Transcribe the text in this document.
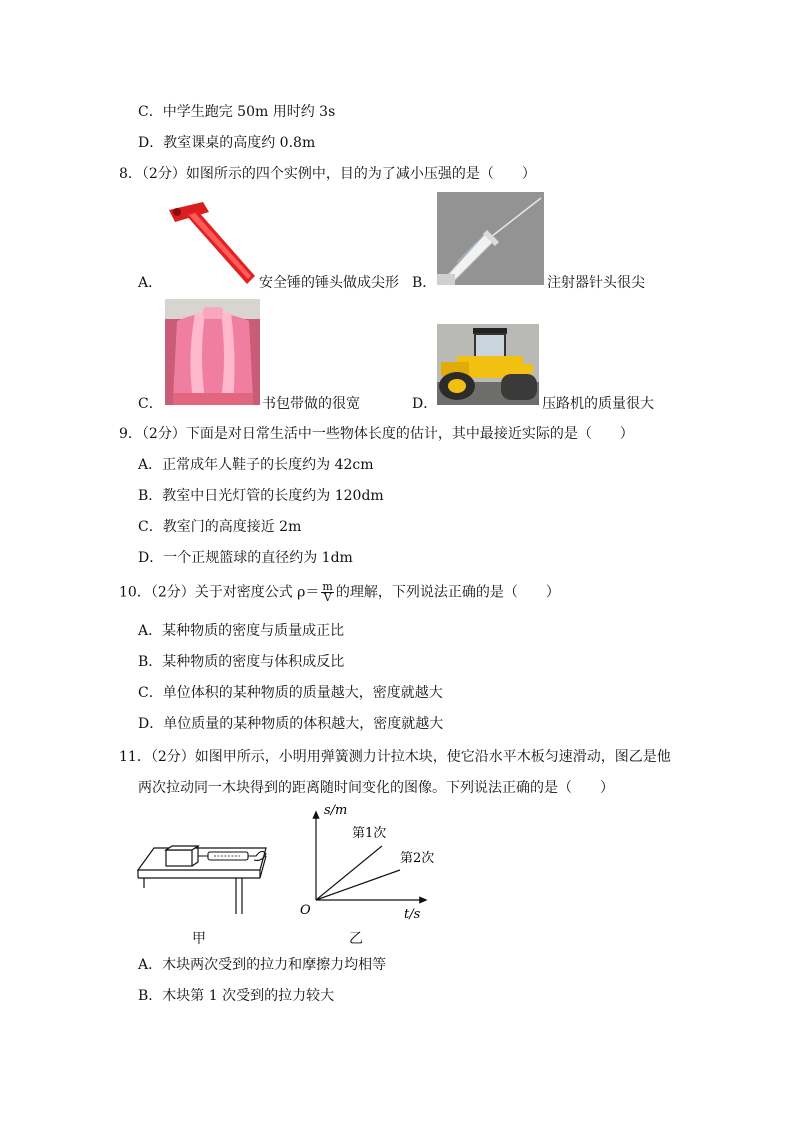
C．中学生跑完 50m 用时约 3s
D．教室课桌的高度约 0.8m
8．（2分）如图所示的四个实例中，目的为了减小压强的是（　　）
A．	安全锤的锤头做成尖形 B．	注射器针头很尖
C．	书包带做的很宽	D．	压路机的质量很大
9．（2分）下面是对日常生活中一些物体长度的估计，其中最接近实际的是（　　）
A．正常成年人鞋子的长度约为 42cm
B．教室中日光灯管的长度约为 120dm
C．教室门的高度接近 2m
D．一个正规篮球的直径约为 1dm
10．（2分）关于对密度公式 $\rho= \frac{m}{V}$ 的理解，下列说法正确的是（　　）
A．某种物质的密度与质量成正比
B．某种物质的密度与体积成反比
C．单位体积的某种物质的质量越大，密度就越大
D．单位质量的某种物质的体积越大，密度就越大
11．（2分）如图甲所示，小明用弹簧测力计拉木块，使它沿水平木板匀速滑动，图乙是他
两次拉动同一木块得到的距离随时间变化的图像。下列说法正确的是（　　）
甲
s/m
O	t/s
第1次
第2次
乙
A．木块两次受到的拉力和摩擦力均相等
B．木块第 1 次受到的拉力较大
